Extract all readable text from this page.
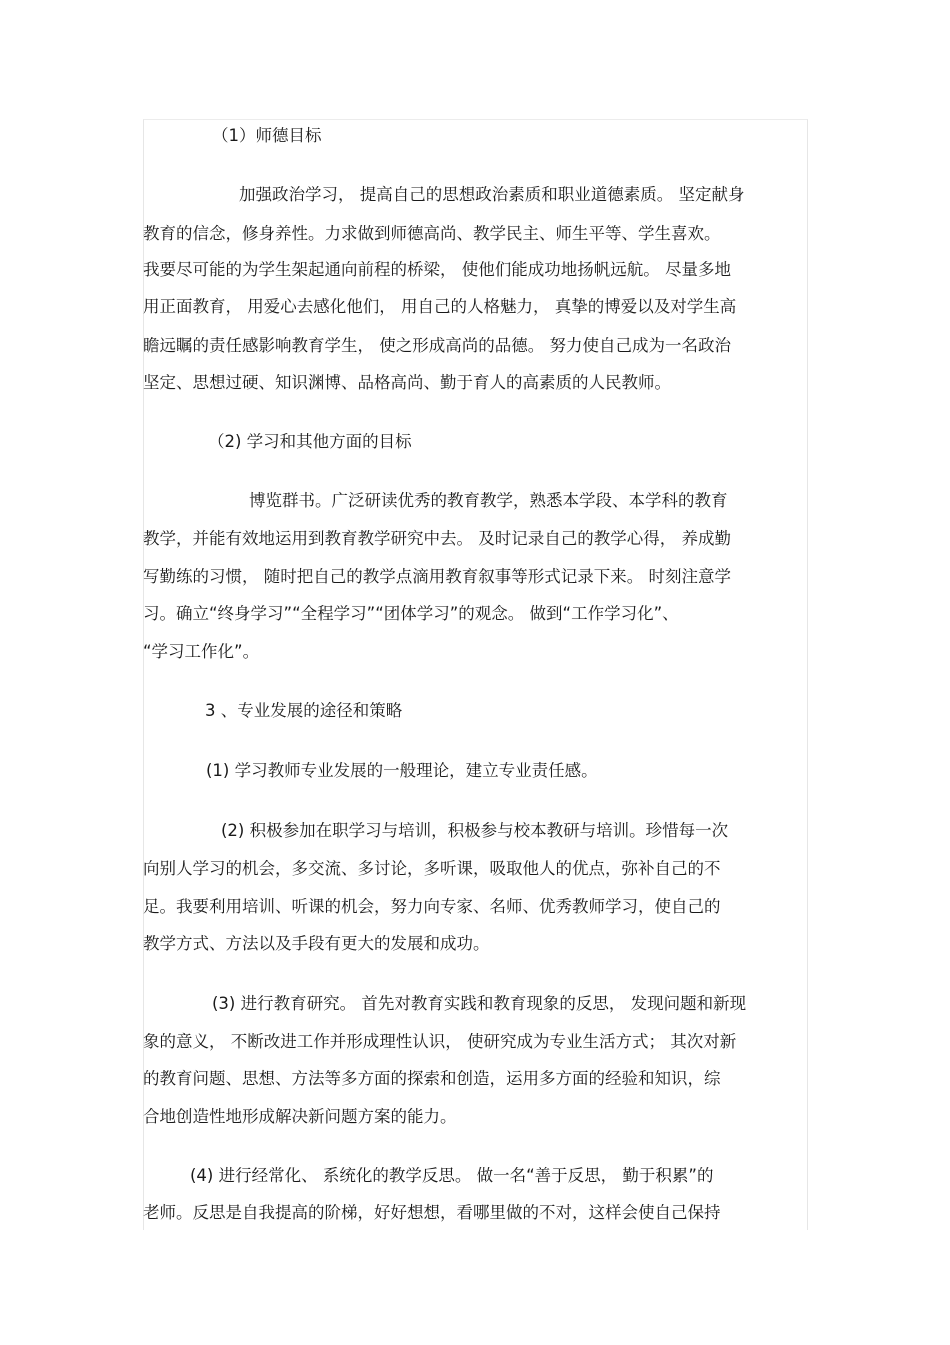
（1）师德目标
加强政治学习， 提高自己的思想政治素质和职业道德素质。 坚定献身
教育的信念，修身养性。力求做到师德高尚、教学民主、师生平等、学生喜欢。
我要尽可能的为学生架起通向前程的桥梁， 使他们能成功地扬帆远航。 尽量多地
用正面教育， 用爱心去感化他们， 用自己的人格魅力， 真挚的博爱以及对学生高
瞻远瞩的责任感影响教育学生， 使之形成高尚的品德。 努力使自己成为一名政治
坚定、思想过硬、知识渊博、品格高尚、勤于育人的高素质的人民教师。
（2) 学习和其他方面的目标
博览群书。广泛研读优秀的教育教学，熟悉本学段、本学科的教育
教学，并能有效地运用到教育教学研究中去。 及时记录自己的教学心得， 养成勤
写勤练的习惯， 随时把自己的教学点滴用教育叙事等形式记录下来。 时刻注意学
习。确立“终身学习”“全程学习”“团体学习”的观念。 做到“工作学习化”、
“学习工作化”。
3 、专业发展的途径和策略
(1) 学习教师专业发展的一般理论，建立专业责任感。
(2) 积极参加在职学习与培训，积极参与校本教研与培训。珍惜每一次
向别人学习的机会，多交流、多讨论，多听课，吸取他人的优点，弥补自己的不
足。我要利用培训、听课的机会，努力向专家、名师、优秀教师学习，使自己的
教学方式、方法以及手段有更大的发展和成功。
(3) 进行教育研究。 首先对教育实践和教育现象的反思， 发现问题和新现
象的意义， 不断改进工作并形成理性认识， 使研究成为专业生活方式； 其次对新
的教育问题、思想、方法等多方面的探索和创造，运用多方面的经验和知识，综
合地创造性地形成解决新问题方案的能力。
(4) 进行经常化、 系统化的教学反思。 做一名“善于反思， 勤于积累”的
老师。反思是自我提高的阶梯，好好想想，看哪里做的不对，这样会使自己保持
